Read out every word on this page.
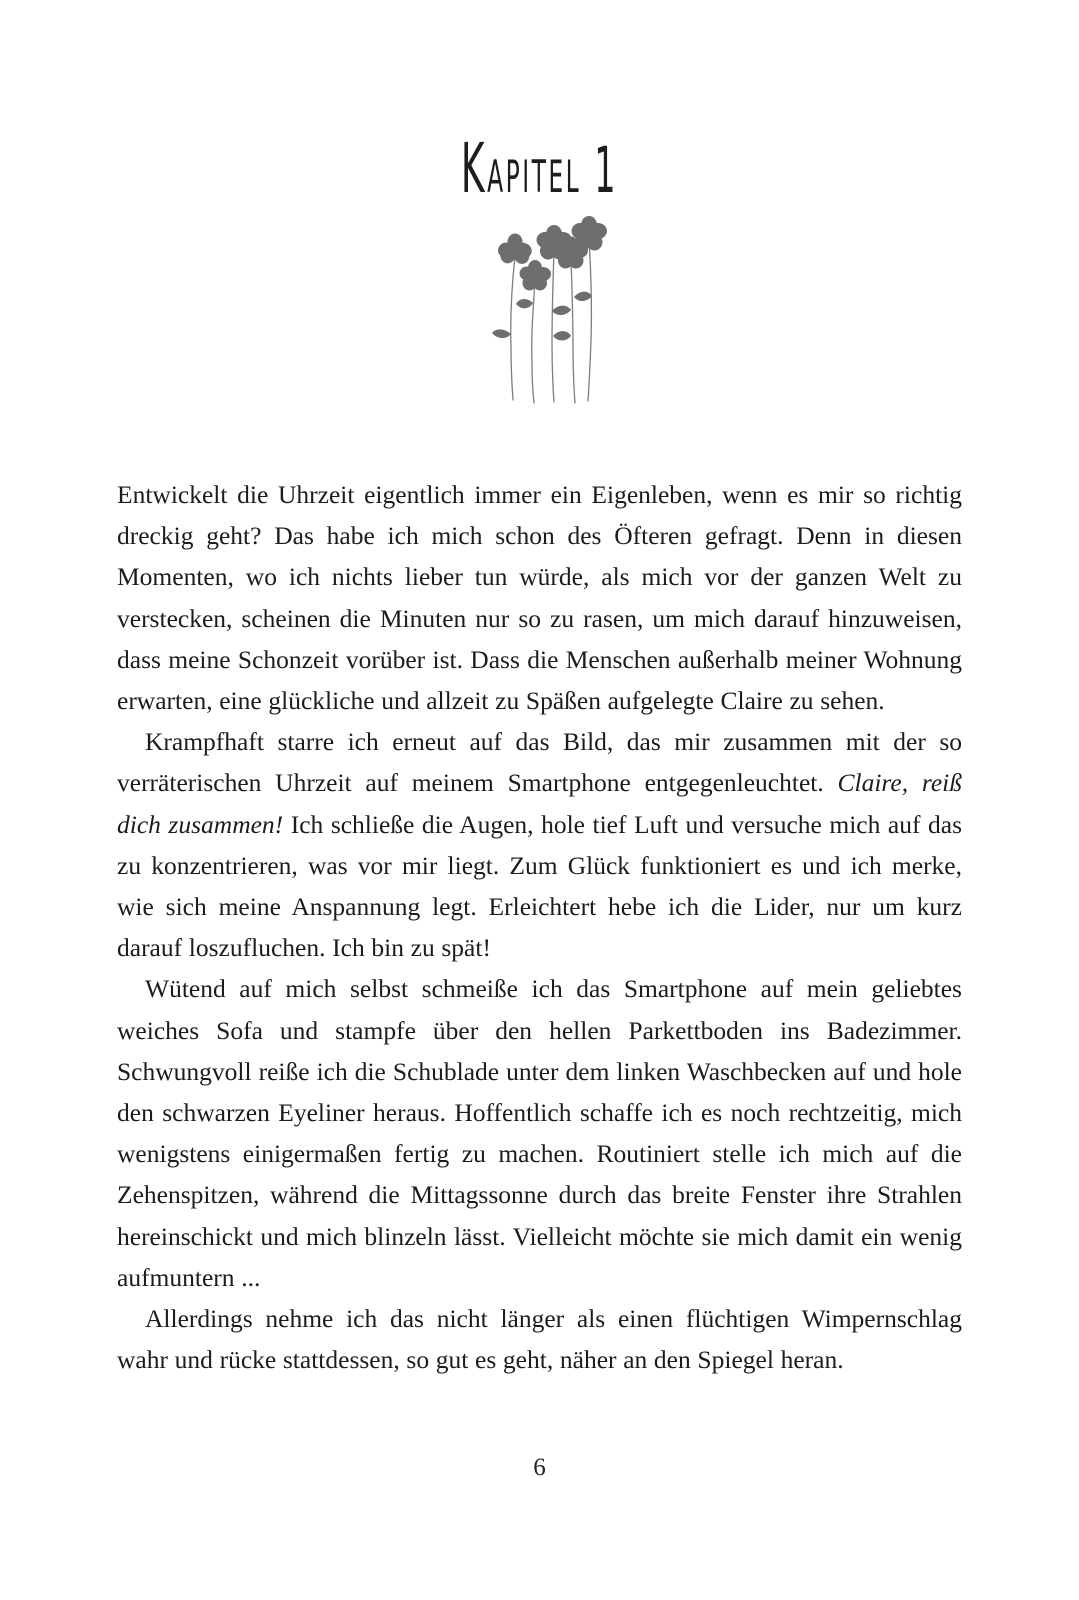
Kapitel 1

Entwickelt die Uhrzeit eigentlich immer ein Eigenleben, wenn es mir so richtig dreckig geht? Das habe ich mich schon des Öfteren gefragt. Denn in diesen Momenten, wo ich nichts lieber tun würde, als mich vor der ganzen Welt zu verstecken, scheinen die Minuten nur so zu rasen, um mich darauf hinzuweisen, dass meine Schonzeit vorüber ist. Dass die Menschen außerhalb meiner Wohnung erwarten, eine glückliche und allzeit zu Späßen aufgelegte Claire zu sehen.

Krampfhaft starre ich erneut auf das Bild, das mir zusammen mit der so verräterischen Uhrzeit auf meinem Smartphone entgegenleuchtet. Claire, reiß dich zusammen! Ich schließe die Augen, hole tief Luft und versuche mich auf das zu konzentrieren, was vor mir liegt. Zum Glück funktioniert es und ich merke, wie sich meine Anspannung legt. Erleichtert hebe ich die Lider, nur um kurz darauf loszufluchen. Ich bin zu spät!

Wütend auf mich selbst schmeiße ich das Smartphone auf mein geliebtes weiches Sofa und stampfe über den hellen Parkettboden ins Badezimmer. Schwungvoll reiße ich die Schublade unter dem linken Waschbecken auf und hole den schwarzen Eyeliner heraus. Hoffentlich schaffe ich es noch rechtzeitig, mich wenigstens einigermaßen fertig zu machen. Routiniert stelle ich mich auf die Zehenspitzen, während die Mittagssonne durch das breite Fenster ihre Strahlen hereinschickt und mich blinzeln lässt. Vielleicht möchte sie mich damit ein wenig aufmuntern ...

Allerdings nehme ich das nicht länger als einen flüchtigen Wimpernschlag wahr und rücke stattdessen, so gut es geht, näher an den Spiegel heran.

6
